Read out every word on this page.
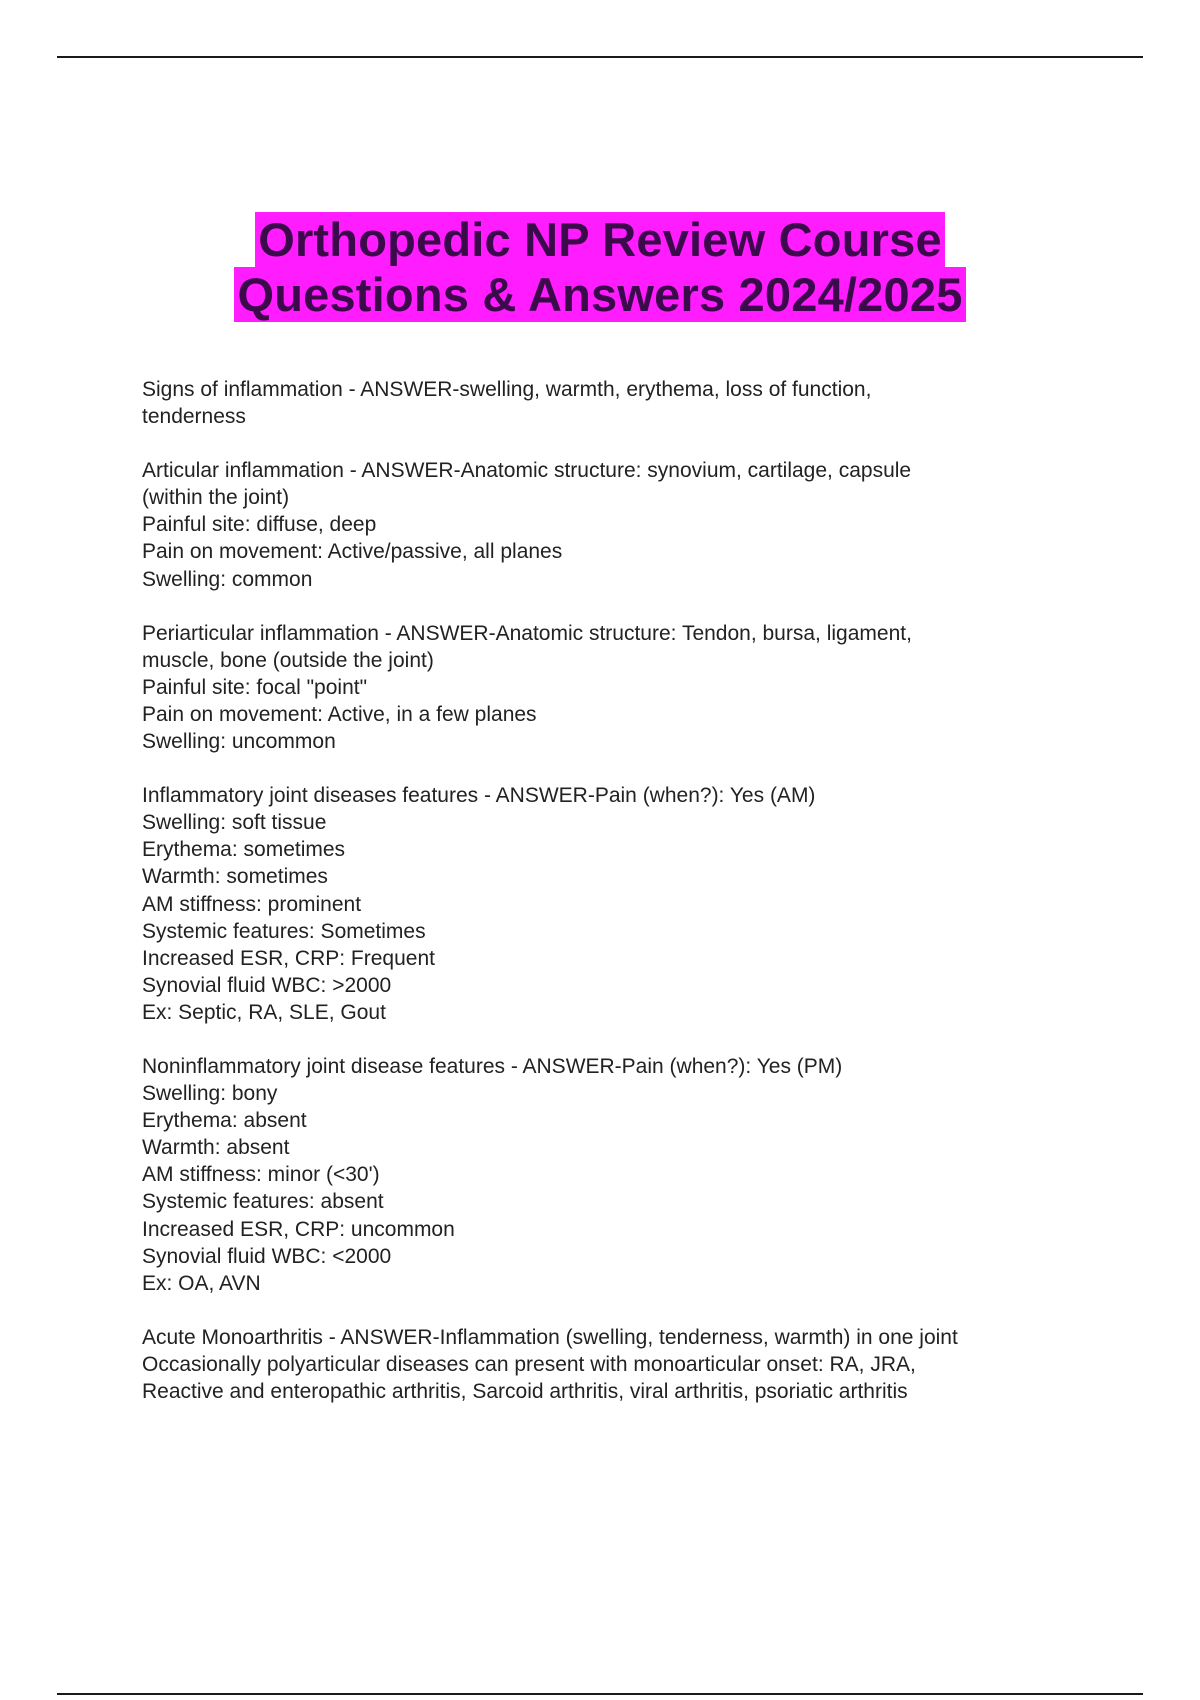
Orthopedic NP Review Course
Questions & Answers 2024/2025
Signs of inflammation - ANSWER-swelling, warmth, erythema, loss of function,
tenderness
Articular inflammation - ANSWER-Anatomic structure: synovium, cartilage, capsule
(within the joint)
Painful site: diffuse, deep
Pain on movement: Active/passive, all planes
Swelling: common
Periarticular inflammation - ANSWER-Anatomic structure: Tendon, bursa, ligament,
muscle, bone (outside the joint)
Painful site: focal "point"
Pain on movement: Active, in a few planes
Swelling: uncommon
Inflammatory joint diseases features - ANSWER-Pain (when?): Yes (AM)
Swelling: soft tissue
Erythema: sometimes
Warmth: sometimes
AM stiffness: prominent
Systemic features: Sometimes
Increased ESR, CRP: Frequent
Synovial fluid WBC: >2000
Ex: Septic, RA, SLE, Gout
Noninflammatory joint disease features - ANSWER-Pain (when?): Yes (PM)
Swelling: bony
Erythema: absent
Warmth: absent
AM stiffness: minor (<30')
Systemic features: absent
Increased ESR, CRP: uncommon
Synovial fluid WBC: <2000
Ex: OA, AVN
Acute Monoarthritis - ANSWER-Inflammation (swelling, tenderness, warmth) in one joint
Occasionally polyarticular diseases can present with monoarticular onset: RA, JRA,
Reactive and enteropathic arthritis, Sarcoid arthritis, viral arthritis, psoriatic arthritis
